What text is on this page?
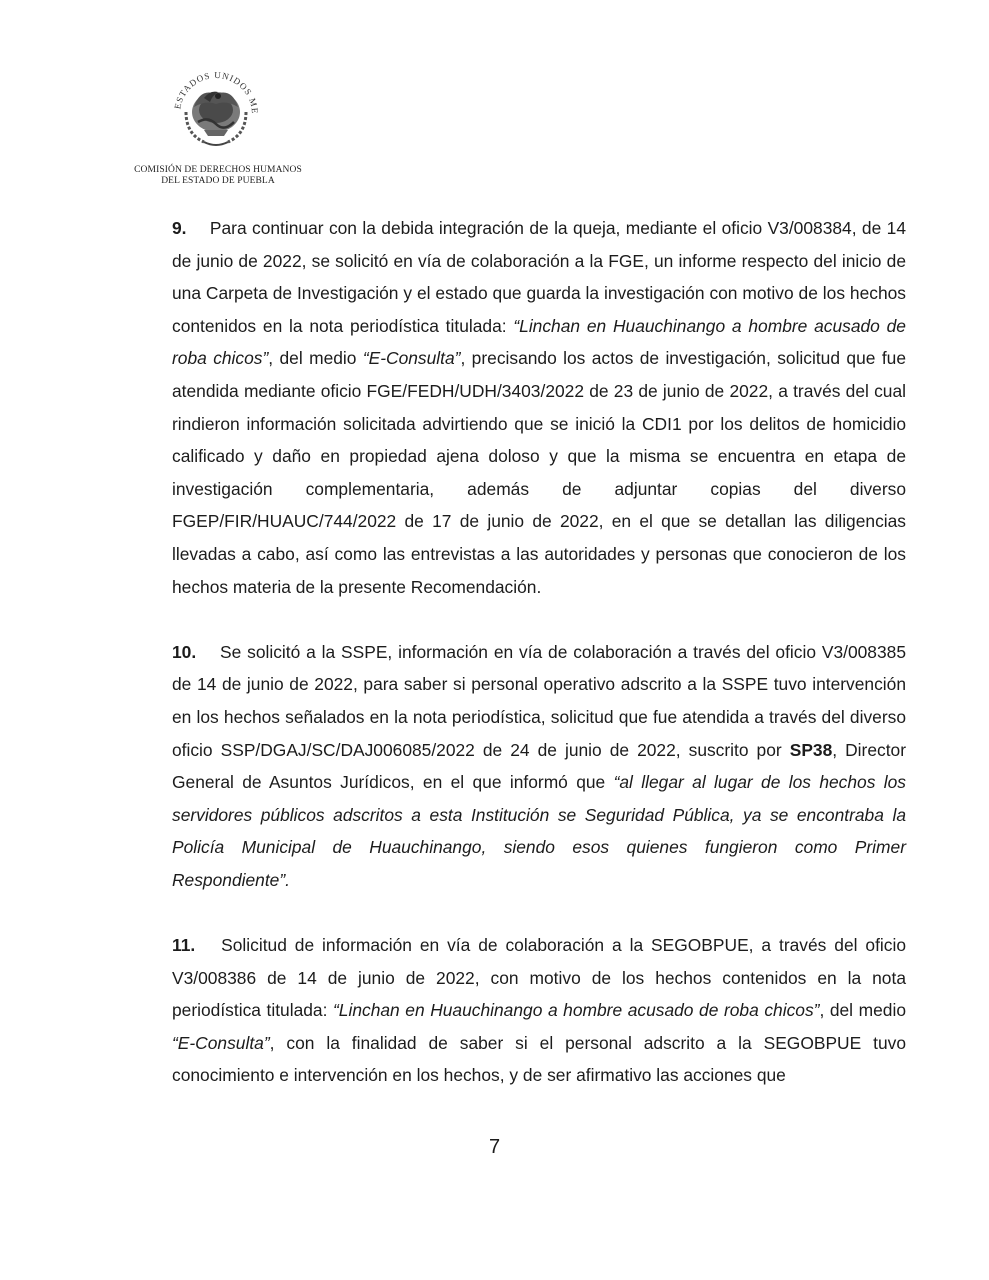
ESTADOS UNIDOS ME
COMISIÓN DE DERECHOS HUMANOS
DEL ESTADO DE PUEBLA

9. Para continuar con la debida integración de la queja, mediante el oficio V3/008384, de 14 de junio de 2022, se solicitó en vía de colaboración a la FGE, un informe respecto del inicio de una Carpeta de Investigación y el estado que guarda la investigación con motivo de los hechos contenidos en la nota periodística titulada: “Linchan en Huauchinango a hombre acusado de roba chicos”, del medio “E-Consulta”, precisando los actos de investigación, solicitud que fue atendida mediante oficio FGE/FEDH/UDH/3403/2022 de 23 de junio de 2022, a través del cual rindieron información solicitada advirtiendo que se inició la CDI1 por los delitos de homicidio calificado y daño en propiedad ajena doloso y que la misma se encuentra en etapa de investigación complementaria, además de adjuntar copias del diverso FGEP/FIR/HUAUC/744/2022 de 17 de junio de 2022, en el que se detallan las diligencias llevadas a cabo, así como las entrevistas a las autoridades y personas que conocieron de los hechos materia de la presente Recomendación.

10. Se solicitó a la SSPE, información en vía de colaboración a través del oficio V3/008385 de 14 de junio de 2022, para saber si personal operativo adscrito a la SSPE tuvo intervención en los hechos señalados en la nota periodística, solicitud que fue atendida a través del diverso oficio SSP/DGAJ/SC/DAJ006085/2022 de 24 de junio de 2022, suscrito por SP38, Director General de Asuntos Jurídicos, en el que informó que “al llegar al lugar de los hechos los servidores públicos adscritos a esta Institución se Seguridad Pública, ya se encontraba la Policía Municipal de Huauchinango, siendo esos quienes fungieron como Primer Respondiente”.

11. Solicitud de información en vía de colaboración a la SEGOBPUE, a través del oficio V3/008386 de 14 de junio de 2022, con motivo de los hechos contenidos en la nota periodística titulada: “Linchan en Huauchinango a hombre acusado de roba chicos”, del medio “E-Consulta”, con la finalidad de saber si el personal adscrito a la SEGOBPUE tuvo conocimiento e intervención en los hechos, y de ser afirmativo las acciones que

7
